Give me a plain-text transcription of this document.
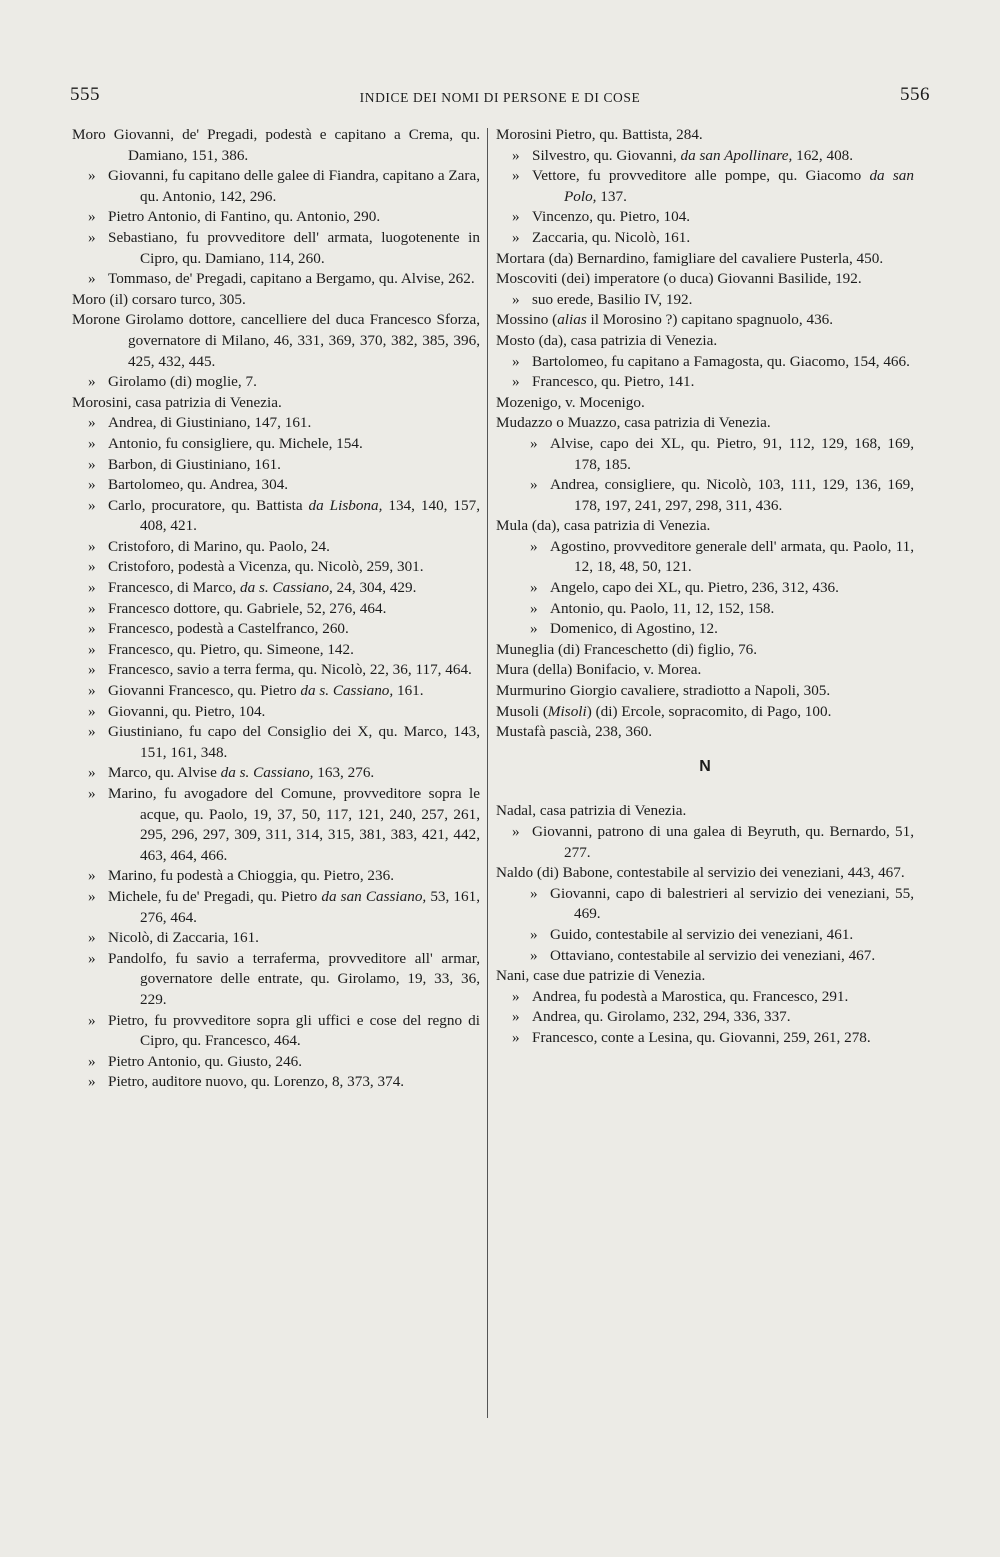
555	INDICE DEI NOMI DI PERSONE E DI COSE	556
Moro Giovanni, de' Pregadi, podestà e capitano a Crema, qu. Damiano, 151, 386.
» Giovanni, fu capitano delle galee di Fiandra, capitano a Zara, qu. Antonio, 142, 296.
» Pietro Antonio, di Fantino, qu. Antonio, 290.
» Sebastiano, fu provveditore dell' armata, luogotenente in Cipro, qu. Damiano, 114, 260.
» Tommaso, de' Pregadi, capitano a Bergamo, qu. Alvise, 262.
Moro (il) corsaro turco, 305.
Morone Girolamo dottore, cancelliere del duca Francesco Sforza, governatore di Milano, 46, 331, 369, 370, 382, 385, 396, 425, 432, 445.
» Girolamo (di) moglie, 7.
Morosini, casa patrizia di Venezia.
» Andrea, di Giustiniano, 147, 161.
» Antonio, fu consigliere, qu. Michele, 154.
» Barbon, di Giustiniano, 161.
» Bartolomeo, qu. Andrea, 304.
» Carlo, procuratore, qu. Battista da Lisbona, 134, 140, 157, 408, 421.
» Cristoforo, di Marino, qu. Paolo, 24.
» Cristoforo, podestà a Vicenza, qu. Nicolò, 259, 301.
» Francesco, di Marco, da s. Cassiano, 24, 304, 429.
» Francesco dottore, qu. Gabriele, 52, 276, 464.
» Francesco, podestà a Castelfranco, 260.
» Francesco, qu. Pietro, qu. Simeone, 142.
» Francesco, savio a terra ferma, qu. Nicolò, 22, 36, 117, 464.
» Giovanni Francesco, qu. Pietro da s. Cassiano, 161.
» Giovanni, qu. Pietro, 104.
» Giustiniano, fu capo del Consiglio dei X, qu. Marco, 143, 151, 161, 348.
» Marco, qu. Alvise da s. Cassiano, 163, 276.
» Marino, fu avogadore del Comune, provveditore sopra le acque, qu. Paolo, 19, 37, 50, 117, 121, 240, 257, 261, 295, 296, 297, 309, 311, 314, 315, 381, 383, 421, 442, 463, 464, 466.
» Marino, fu podestà a Chioggia, qu. Pietro, 236.
» Michele, fu de' Pregadi, qu. Pietro da san Cassiano, 53, 161, 276, 464.
» Nicolò, di Zaccaria, 161.
» Pandolfo, fu savio a terraferma, provveditore all' armar, governatore delle entrate, qu. Girolamo, 19, 33, 36, 229.
» Pietro, fu provveditore sopra gli uffici e cose del regno di Cipro, qu. Francesco, 464.
» Pietro Antonio, qu. Giusto, 246.
» Pietro, auditore nuovo, qu. Lorenzo, 8, 373, 374.
Morosini Pietro, qu. Battista, 284.
» Silvestro, qu. Giovanni, da san Apollinare, 162, 408.
» Vettore, fu provveditore alle pompe, qu. Giacomo da san Polo, 137.
» Vincenzo, qu. Pietro, 104.
» Zaccaria, qu. Nicolò, 161.
Mortara (da) Bernardino, famigliare del cavaliere Pusterla, 450.
Moscoviti (dei) imperatore (o duca) Giovanni Basilide, 192.
» suo erede, Basilio IV, 192.
Mossino (alias il Morosino ?) capitano spagnuolo, 436.
Mosto (da), casa patrizia di Venezia.
» Bartolomeo, fu capitano a Famagosta, qu. Giacomo, 154, 466.
» Francesco, qu. Pietro, 141.
Mozenigo, v. Mocenigo.
Mudazzo o Muazzo, casa patrizia di Venezia.
» Alvise, capo dei XL, qu. Pietro, 91, 112, 129, 168, 169, 178, 185.
» Andrea, consigliere, qu. Nicolò, 103, 111, 129, 136, 169, 178, 197, 241, 297, 298, 311, 436.
Mula (da), casa patrizia di Venezia.
» Agostino, provveditore generale dell' armata, qu. Paolo, 11, 12, 18, 48, 50, 121.
» Angelo, capo dei XL, qu. Pietro, 236, 312, 436.
» Antonio, qu. Paolo, 11, 12, 152, 158.
» Domenico, di Agostino, 12.
Muneglia (di) Franceschetto (di) figlio, 76.
Mura (della) Bonifacio, v. Morea.
Murmurino Giorgio cavaliere, stradiotto a Napoli, 305.
Musoli (Misoli) (di) Ercole, sopracomito, di Pago, 100.
Mustafà pascià, 238, 360.
N
Nadal, casa patrizia di Venezia.
» Giovanni, patrono di una galea di Beyruth, qu. Bernardo, 51, 277.
Naldo (di) Babone, contestabile al servizio dei veneziani, 443, 467.
» Giovanni, capo di balestrieri al servizio dei veneziani, 55, 469.
» Guido, contestabile al servizio dei veneziani, 461.
» Ottaviano, contestabile al servizio dei veneziani, 467.
Nani, case due patrizie di Venezia.
» Andrea, fu podestà a Marostica, qu. Francesco, 291.
» Andrea, qu. Girolamo, 232, 294, 336, 337.
» Francesco, conte a Lesina, qu. Giovanni, 259, 261, 278.
